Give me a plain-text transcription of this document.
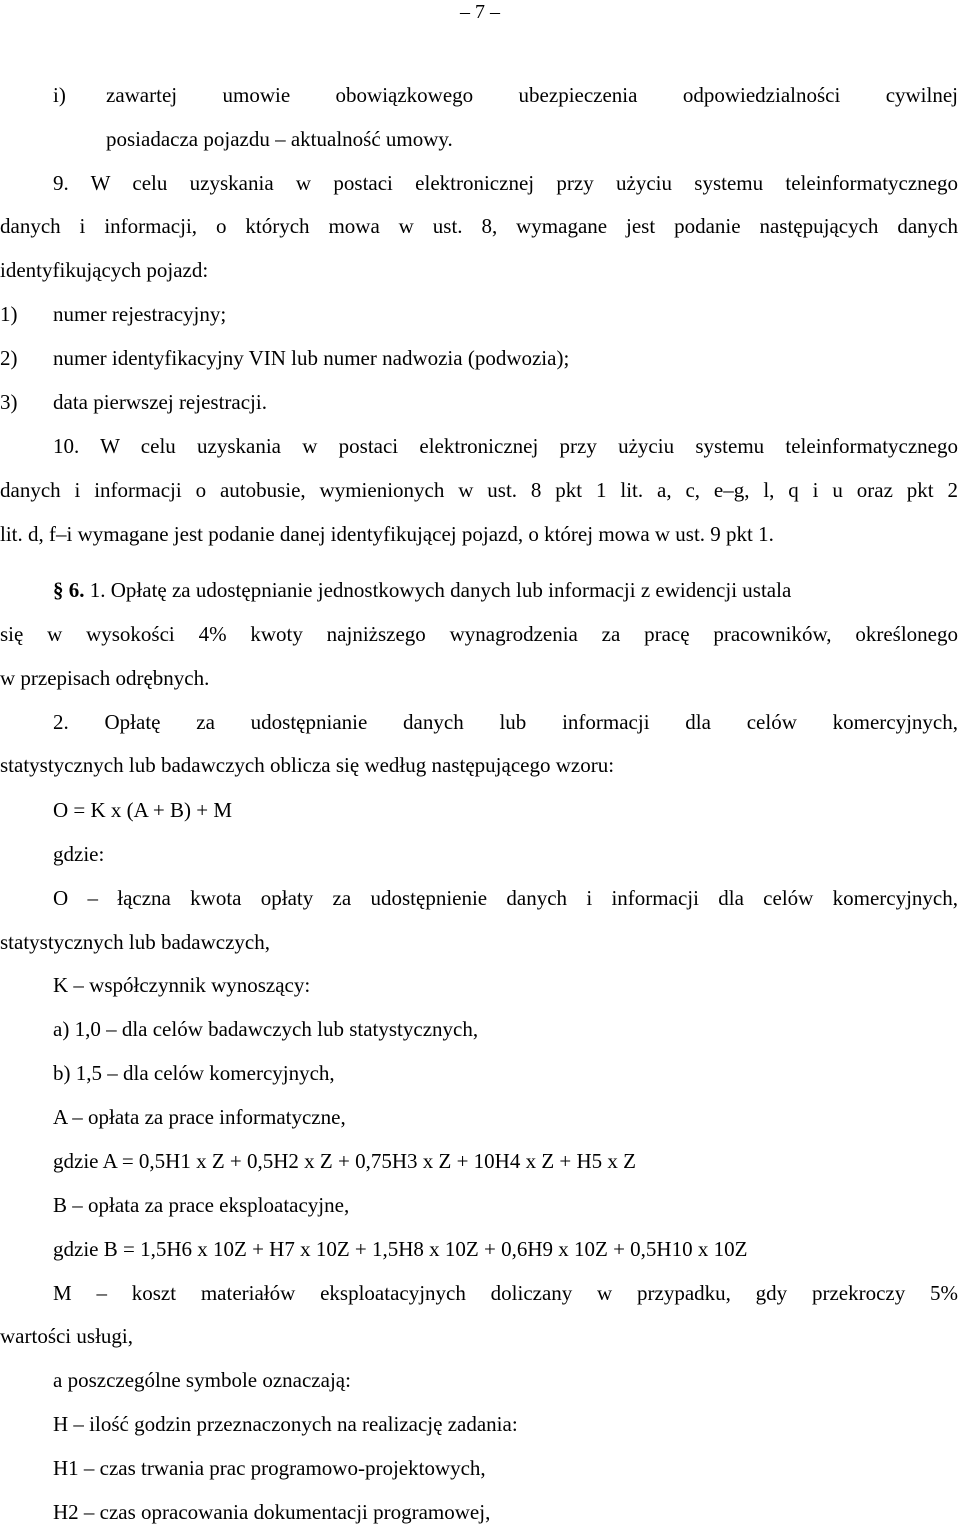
– 7 –
i)	zawartej umowie obowiązkowego ubezpieczenia odpowiedzialności cywilnej
posiadacza pojazdu – aktualność umowy.
9. W celu uzyskania w postaci elektronicznej przy użyciu systemu teleinformatycznego
danych i informacji, o których mowa w ust. 8, wymagane jest podanie następujących danych
identyfikujących pojazd:
1) numer rejestracyjny;
2) numer identyfikacyjny VIN lub numer nadwozia (podwozia);
3) data pierwszej rejestracji.
10. W celu uzyskania w postaci elektronicznej przy użyciu systemu teleinformatycznego
danych i informacji o autobusie, wymienionych w ust. 8 pkt 1 lit. a, c, e–g, l, q i u oraz pkt 2
lit. d, f–i wymagane jest podanie danej identyfikującej pojazd, o której mowa w ust. 9 pkt 1.
§ 6. 1. Opłatę za udostępnianie jednostkowych danych lub informacji z ewidencji ustala
się w wysokości 4% kwoty najniższego wynagrodzenia za pracę pracowników, określonego
w przepisach odrębnych.
2. Opłatę za udostępnianie danych lub informacji dla celów komercyjnych,
statystycznych lub badawczych oblicza się według następującego wzoru:
O = K x (A + B) + M
gdzie:
O – łączna kwota opłaty za udostępnienie danych i informacji dla celów komercyjnych,
statystycznych lub badawczych,
K – współczynnik wynoszący:
a) 1,0 – dla celów badawczych lub statystycznych,
b) 1,5 – dla celów komercyjnych,
A – opłata za prace informatyczne,
gdzie A = 0,5H1 x Z + 0,5H2 x Z + 0,75H3 x Z + 10H4 x Z + H5 x Z
B – opłata za prace eksploatacyjne,
gdzie B = 1,5H6 x 10Z + H7 x 10Z + 1,5H8 x 10Z + 0,6H9 x 10Z + 0,5H10 x 10Z
M – koszt materiałów eksploatacyjnych doliczany w przypadku, gdy przekroczy 5%
wartości usługi,
a poszczególne symbole oznaczają:
H – ilość godzin przeznaczonych na realizację zadania:
H1 – czas trwania prac programowo-projektowych,
H2 – czas opracowania dokumentacji programowej,
